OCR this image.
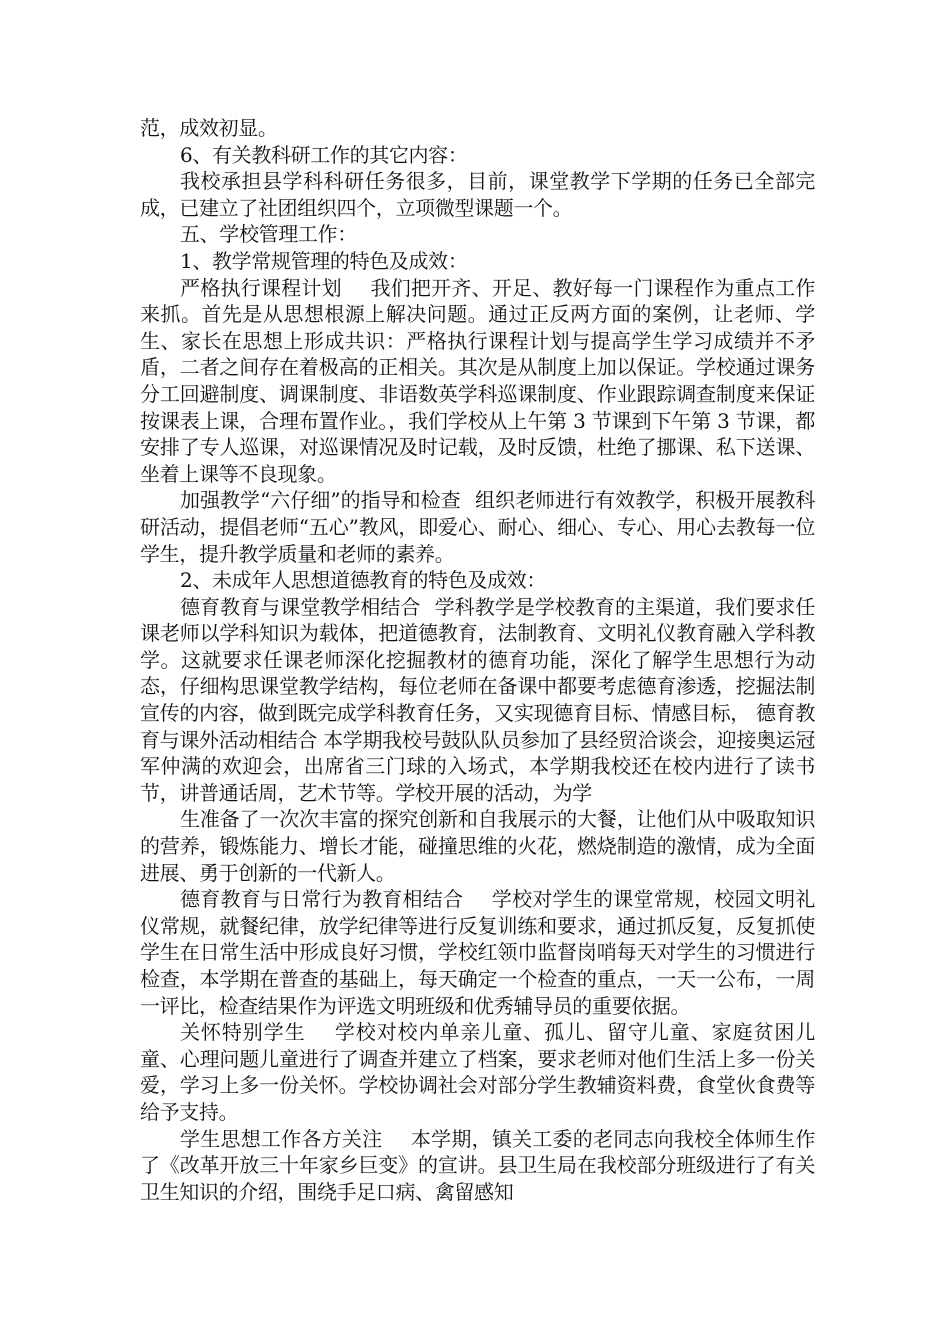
范，成效初显。

6、有关教科研工作的其它内容：

我校承担县学科科研任务很多，目前，课堂教学下学期的任务已全部完成，已建立了社团组织四个，立项微型课题一个。

五、学校管理工作：

1、教学常规管理的特色及成效：

严格执行课程计划 我们把开齐、开足、教好每一门课程作为重点工作来抓。首先是从思想根源上解决问题。通过正反两方面的案例，让老师、学生、家长在思想上形成共识：严格执行课程计划与提高学生学习成绩并不矛盾，二者之间存在着极高的正相关。其次是从制度上加以保证。学校通过课务分工回避制度、调课制度、非语数英学科巡课制度、作业跟踪调查制度来保证按课表上课，合理布置作业。，我们学校从上午第 3 节课到下午第 3 节课，都安排了专人巡课，对巡课情况及时记载，及时反馈，杜绝了挪课、私下送课、坐着上课等不良现象。

加强教学“六仔细”的指导和检查 组织老师进行有效教学，积极开展教科研活动，提倡老师“五心”教风，即爱心、耐心、细心、专心、用心去教每一位学生，提升教学质量和老师的素养。

2、未成年人思想道德教育的特色及成效：

德育教育与课堂教学相结合 学科教学是学校教育的主渠道，我们要求任课老师以学科知识为载体，把道德教育，法制教育、文明礼仪教育融入学科教学。这就要求任课老师深化挖掘教材的德育功能，深化了解学生思想行为动态，仔细构思课堂教学结构，每位老师在备课中都要考虑德育渗透，挖掘法制宣传的内容，做到既完成学科教育任务，又实现德育目标、情感目标， 德育教育与课外活动相结合 本学期我校号鼓队队员参加了县经贸洽谈会，迎接奥运冠军仲满的欢迎会，出席省三门球的入场式，本学期我校还在校内进行了读书节，讲普通话周，艺术节等。学校开展的活动，为学

生准备了一次次丰富的探究创新和自我展示的大餐，让他们从中吸取知识的营养，锻炼能力、增长才能，碰撞思维的火花，燃烧制造的激情，成为全面进展、勇于创新的一代新人。

德育教育与日常行为教育相结合 学校对学生的课堂常规，校园文明礼仪常规，就餐纪律，放学纪律等进行反复训练和要求，通过抓反复，反复抓使学生在日常生活中形成良好习惯，学校红领巾监督岗哨每天对学生的习惯进行检查，本学期在普查的基础上，每天确定一个检查的重点，一天一公布，一周一评比，检查结果作为评选文明班级和优秀辅导员的重要依据。

关怀特别学生 学校对校内单亲儿童、孤儿、留守儿童、家庭贫困儿童、心理问题儿童进行了调查并建立了档案，要求老师对他们生活上多一份关爱，学习上多一份关怀。学校协调社会对部分学生教辅资料费，食堂伙食费等给予支持。

学生思想工作各方关注 本学期，镇关工委的老同志向我校全体师生作了《改革开放三十年家乡巨变》的宣讲。县卫生局在我校部分班级进行了有关卫生知识的介绍，围绕手足口病、禽留感知
